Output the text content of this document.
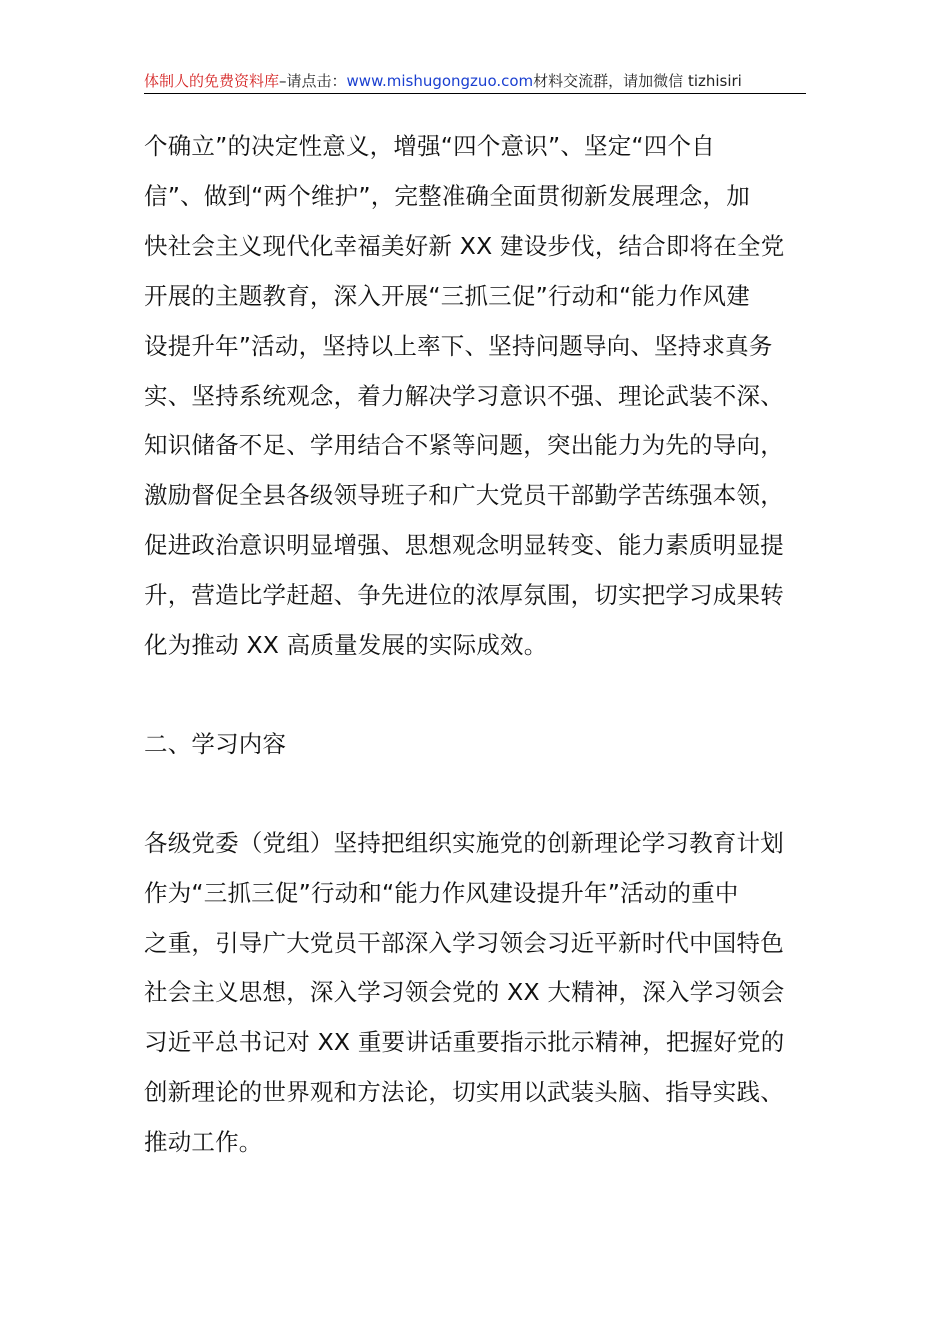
体制人的免费资料库–请点击：www.mishugongzuo.com材料交流群，请加微信 tizhisiri
个确立”的决定性意义，增强“四个意识”、坚定“四个自
信”、做到“两个维护”，完整准确全面贯彻新发展理念，加
快社会主义现代化幸福美好新 XX 建设步伐，结合即将在全党
开展的主题教育，深入开展“三抓三促”行动和“能力作风建
设提升年”活动，坚持以上率下、坚持问题导向、坚持求真务
实、坚持系统观念，着力解决学习意识不强、理论武装不深、
知识储备不足、学用结合不紧等问题，突出能力为先的导向，
激励督促全县各级领导班子和广大党员干部勤学苦练强本领，
促进政治意识明显增强、思想观念明显转变、能力素质明显提
升，营造比学赶超、争先进位的浓厚氛围，切实把学习成果转
化为推动 XX 高质量发展的实际成效。
二、学习内容
各级党委（党组）坚持把组织实施党的创新理论学习教育计划
作为“三抓三促”行动和“能力作风建设提升年”活动的重中
之重，引导广大党员干部深入学习领会习近平新时代中国特色
社会主义思想，深入学习领会党的 XX 大精神，深入学习领会
习近平总书记对 XX 重要讲话重要指示批示精神，把握好党的
创新理论的世界观和方法论，切实用以武装头脑、指导实践、
推动工作。
